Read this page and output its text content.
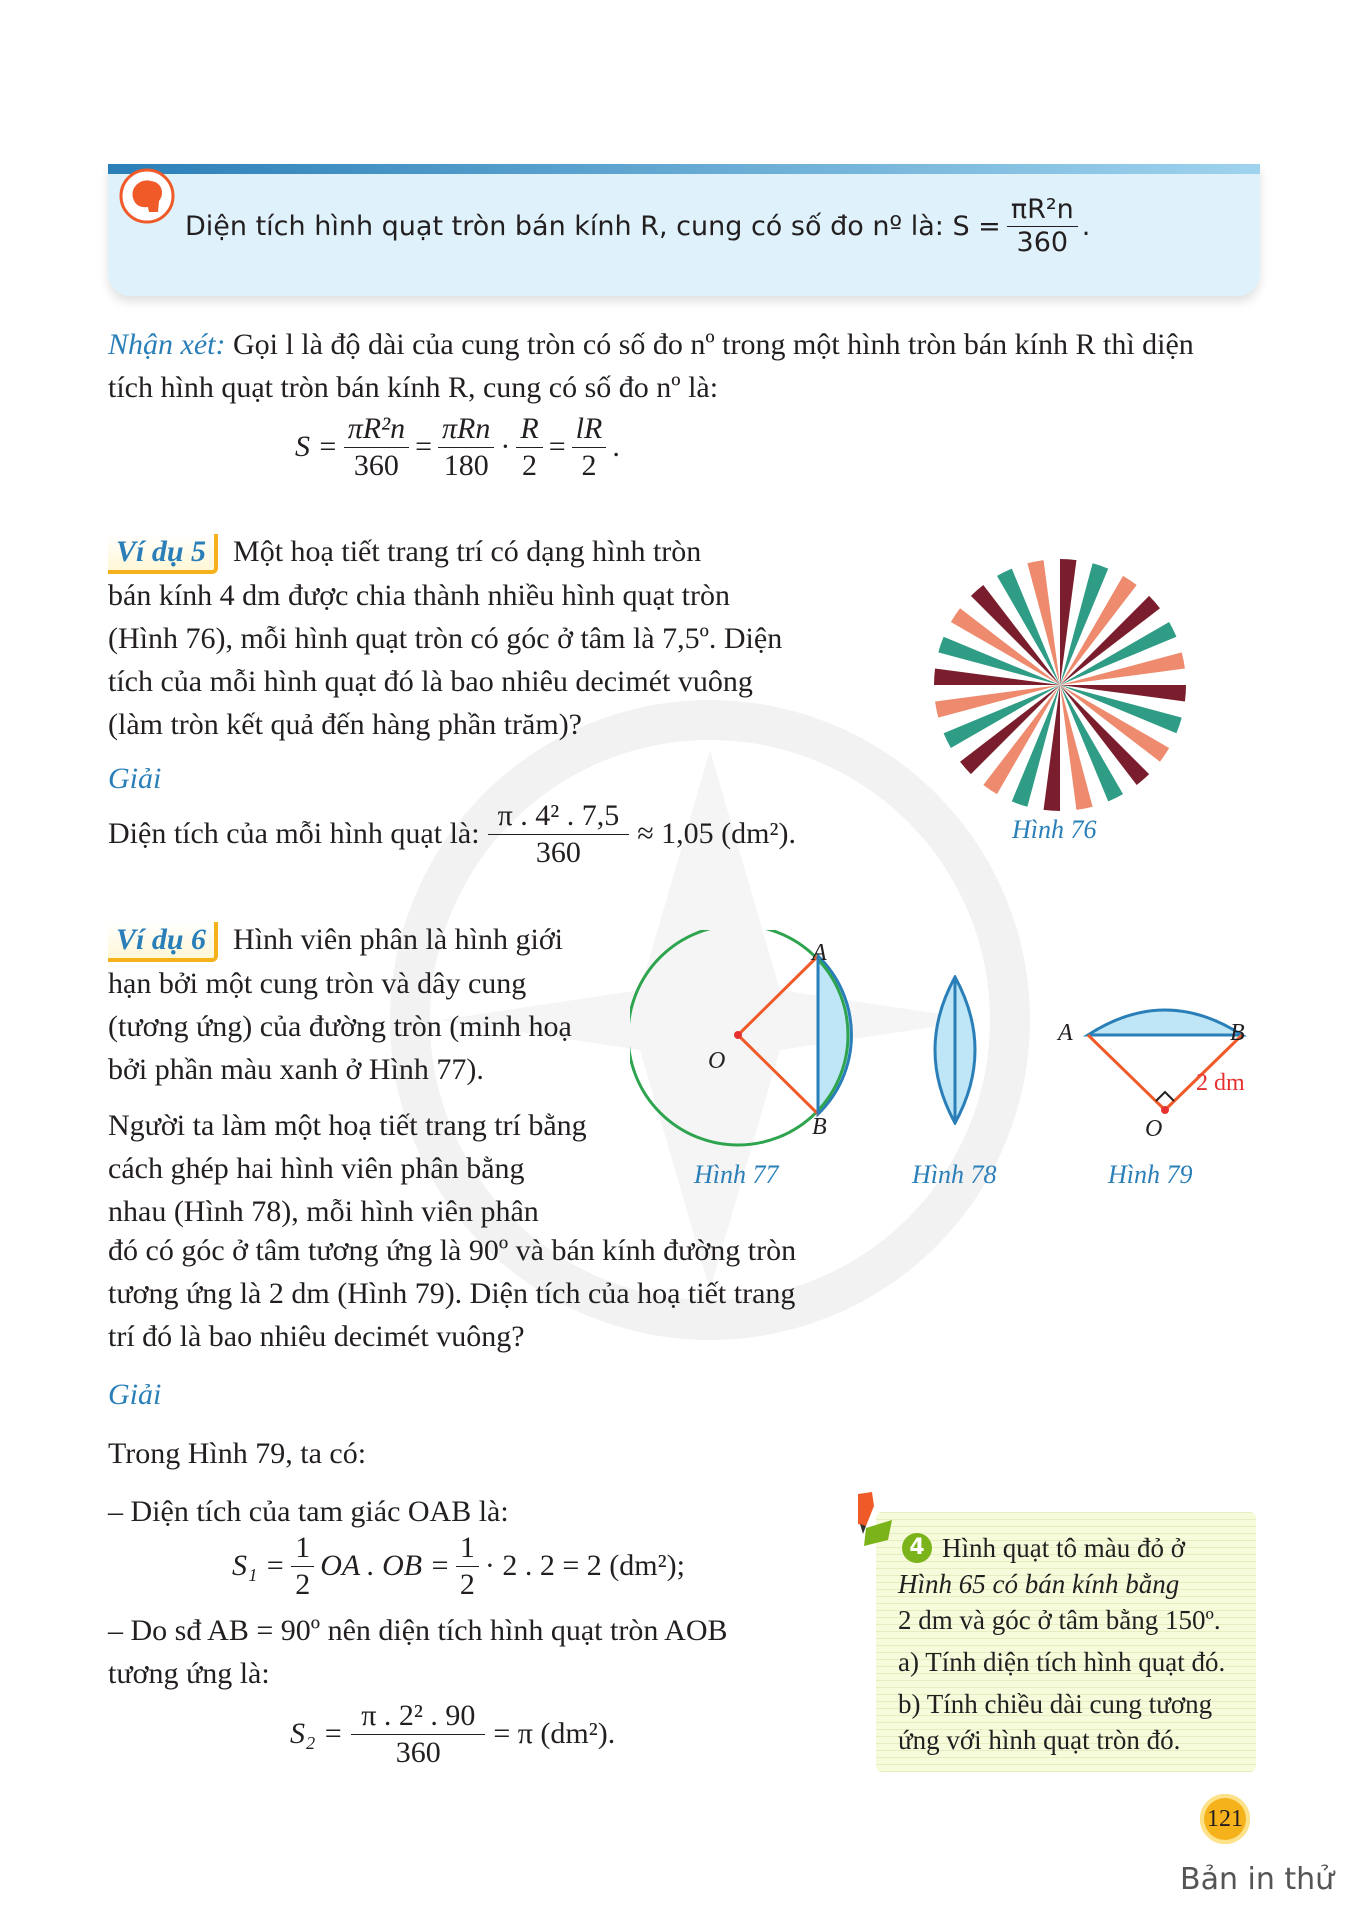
Diện tích hình quạt tròn bán kính R, cung có số đo nº là: $S = \frac{\text{πR²n}}{360}$ .

Nhận xét: Gọi l là độ dài của cung tròn có số đo nº trong một hình tròn bán kính R thì diện

tích hình quạt tròn bán kính R, cung có số đo nº là:

$S = \frac{\text{πR²n}}{360} = \frac{\text{πRn}}{180} \cdot \frac{R}{2} = \frac{lR}{2}$ .

Ví dụ 5 Một hoạ tiết trang trí có dạng hình tròn

bán kính 4 dm được chia thành nhiều hình quạt tròn

(Hình 76), mỗi hình quạt tròn có góc ở tâm là 7,5º. Diện

tích của mỗi hình quạt đó là bao nhiêu decimét vuông

(làm tròn kết quả đến hàng phần trăm)?

Giải
Diện tích của mỗi hình quạt là: $\frac{\text{π . 4² . 7,5}}{360} \approx 1,05$ (dm²).	Hình 76

Ví dụ 6 Hình viên phân là hình giới

hạn bởi một cung tròn và dây cung

(tương ứng) của đường tròn (minh hoạ

bởi phần màu xanh ở Hình 77).

Người ta làm một hoạ tiết trang trí bằng

cách ghép hai hình viên phân bằng

nhau (Hình 78), mỗi hình viên phân

đó có góc ở tâm tương ứng là 90º và bán kính đường tròn

tương ứng là 2 dm (Hình 79). Diện tích của hoạ tiết trang

trí đó là bao nhiêu decimét vuông?

A
B
O
Hình 77	Hình 78
A	B
O
2 dm
Hình 79
Giải
Trong Hình 79, ta có:
– Diện tích của tam giác OAB là:
$S_1 = \frac{1}{2}$ OA . OB = $\frac{1}{2} \cdot 2$ . 2 = 2 (dm²);

– Do sđ AB = 90º nên diện tích hình quạt tròn AOB

tương ứng là:

$S_2 = \frac{\text{π . 2² . 90}}{360} = \pi$ (dm²).
4 Hình quạt tô màu đỏ ở

Hình 65 có bán kính bằng

2 dm và góc ở tâm bằng 150º.

a) Tính diện tích hình quạt đó.

b) Tính chiều dài cung tương

ứng với hình quạt tròn đó.

121
Bản in thử
